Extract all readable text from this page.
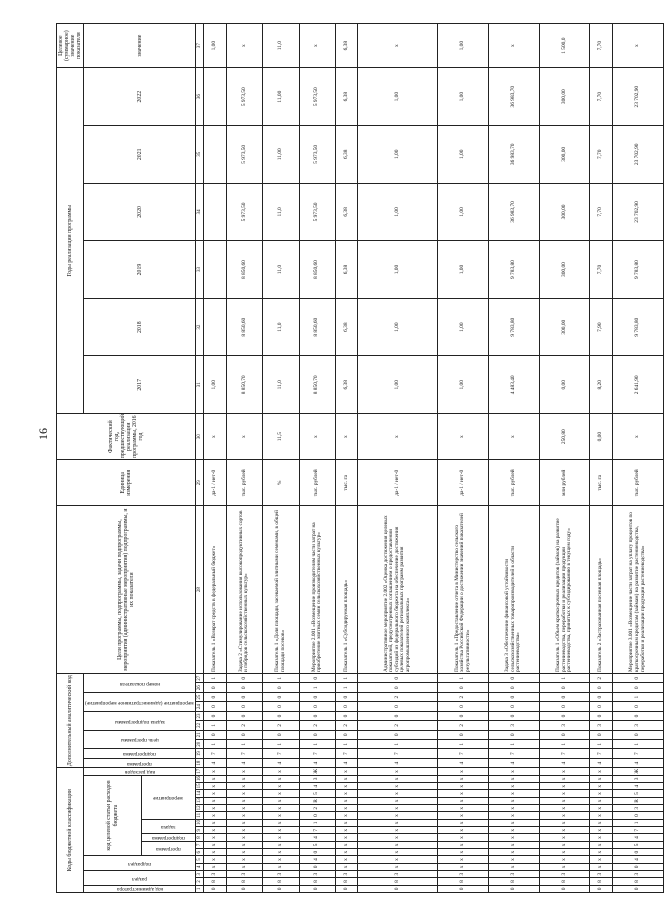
16
Коды бюджетной классификации																	Дополнительный аналитический код										Цели программы, подпрограммы, задачи подпрограммы, мероприятия (административные мероприятия) подпрограммы, и их показатели	Единица измерения	Фактический год, предшествующий реализации программы, 2016 год	Годы реализации программы						Целевое (суммарное) значение показателя

код администратора	раздел		подраздел		код целевой статьи расходов бюджета											вид расходов	программа	подпрограмма	цель программы		задача подпрограммы		мероприятие (административное мероприятие)		номер показателя					2017	2018	2019	2020	2021	2022	значение

					программа		подпрограмма	задача		мероприятие																										

1	2	3	4	5	6	7	8	9	10	11	12	13	14	15	16	17	18	19	20	21	22	23	24	25	26	27	28	29	30	31	32	33	34	35	36	37
0	8	3	x	x	x	x	x	x	x	x	x	x	x	x	x	x	4	7	1	0	1	0	0	0	0	1	Показатель 1 «Возврат средств в федеральный бюджет»	да-1 / нет-0	x	1,00						1,00
0	8	3	x	x	x	x	x	x	x	x	x	x	x	x	x	x	4	7	1	0	2	0	0	0	0	0	Задача 2 «Стимулирование использования высокопродуктивных сортов и гибридов сельскохозяйственных культур»	тыс. рублей	x	8 850,70	8 850,60	8 850,60	5 973,50	5 973,50	5 973,50	x
0	8	3	x	x	x	x	x	x	x	x	x	x	x	x	x	x	4	7	1	0	2	0	0	0	0	1	Показатель 1 «Доля площади, засеваемой элитными семенами, в общей площади посевов»	%	11,5	11,0	11,0	11,0	11,0	11,00	11,00	11,0
0	8	3	0	4	0	5	4	7	1	0	2	R	5	4	3	Ж	4	7	1	0	2	0	0	0	1	0	Мероприятие 2.001 «Возмещение производителям части затрат на приобретение элитных семян сельскохозяйственных культур»	тыс. рублей	x	8 850,70	8 850,60	8 850,60	5 973,50	5 973,50	5 973,50	x
0	8	3	x	x	x	x	x	x	x	x	x	x	x	x	x	x	4	7	1	0	2	0	0	0	1	1	Показатель 1 «Субсидируемая площадь»	тыс. га	x	6,38	6,38	6,38	6,38	6,38	6,38	6,38
0	8	3	x	x	x	x	x	x	x	x	x	x	x	x	x	x	4	7	1	0	2	0	0	2	0	0	Административное мероприятие 2.002 «Оценка достижения целевых показателей, предусмотренных соглашением о предоставлении субсидий из федерального бюджета на обеспечение достижения целевых показателей региональных программ развития агропромышленного комплекса»	да-1 / нет-0	x	1,00	1,00	1,00	1,00	1,00	1,00	x
0	8	3	x	x	x	x	x	x	x	x	x	x	x	x	x	x	4	7	1	0	2	0	0	2	0	1	Показатель 1 «Предоставление отчета в Министерство сельского хозяйства Российской Федерации о достижении значений показателей результативности»	да-1 / нет-0	x	1,00	1,00	1,00	1,00	1,00	1,00	1,00
0	8	3	x	x	x	x	x	x	x	x	x	x	x	x	x	x	4	7	1	0	3	0	0	0	0	0	Задача 3 «Обеспечение финансовой устойчивости сельскохозяйственных товаропроизводителей в области растениеводства»	тыс. рублей	x	4 483,40	9 783,80	9 783,80	36 983,70	36 983,70	36 983,70	x
0	8	3	x	x	x	x	x	x	x	x	x	x	x	x	x	x	4	7	1	0	3	0	0	0	0	1	Показатель 1 «Объем краткосрочных кредитов (займов) на развитие растениеводства, переработки и реализации продукции растениеводства, принятых к субсидированию в текущем году»	млн рублей	250,80	0,00	300,00	300,00	300,00	300,00	300,00	1 500,0
0	8	3	x	x	x	x	x	x	x	x	x	x	x	x	x	x	4	7	1	0	3	0	0	0	0	2	Показатель 2 «Застрахованная посевная площадь»	тыс. га	0,00	8,20	7,90	7,70	7,70	7,70	7,70	7,70
0	8	3	0	4	0	5	4	7	1	0	3	R	5	4	3	Ж	4	7	1	0	3	0	0	1	0	0	Мероприятие 3.001 «Возмещение части затрат на уплату процентов по краткосрочным кредитам (займам) на развитие растениеводства, переработки и реализации продукции растениеводства»	тыс. рублей	x	2 641,90	9 783,80	9 783,80	23 702,90	23 702,90	23 702,90	x
